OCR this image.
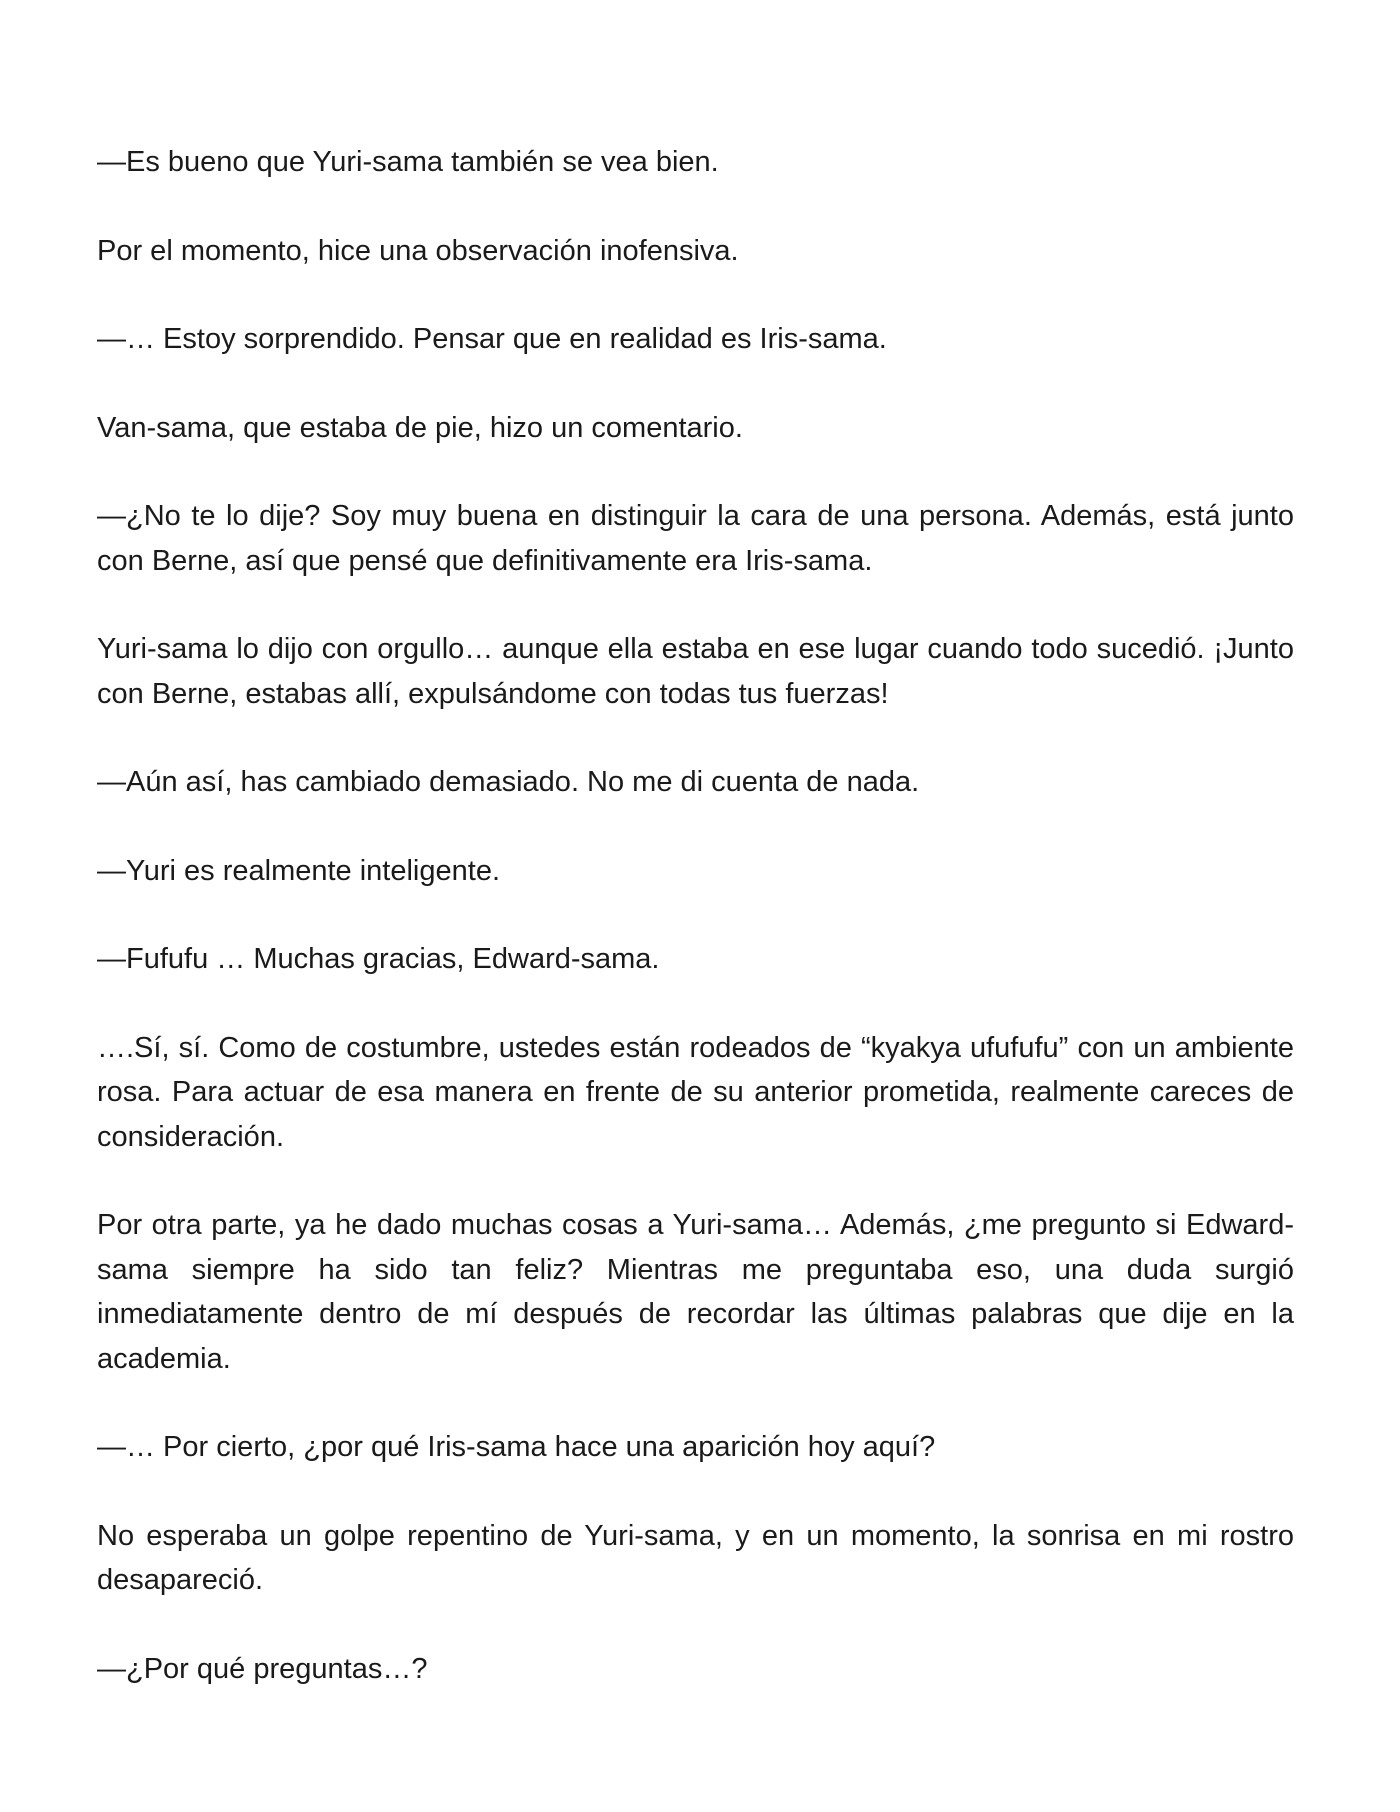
—Es bueno que Yuri-sama también se vea bien.

Por el momento, hice una observación inofensiva.

—… Estoy sorprendido. Pensar que en realidad es Iris-sama.

Van-sama, que estaba de pie, hizo un comentario.

—¿No te lo dije? Soy muy buena en distinguir la cara de una persona. Además, está junto con Berne, así que pensé que definitivamente era Iris-sama.

Yuri-sama lo dijo con orgullo… aunque ella estaba en ese lugar cuando todo sucedió. ¡Junto con Berne, estabas allí, expulsándome con todas tus fuerzas!

—Aún así, has cambiado demasiado. No me di cuenta de nada.

—Yuri es realmente inteligente.

—Fufufu … Muchas gracias, Edward-sama.

….Sí, sí. Como de costumbre, ustedes están rodeados de “kyakya ufufufu” con un ambiente rosa. Para actuar de esa manera en frente de su anterior prometida, realmente careces de consideración.

Por otra parte, ya he dado muchas cosas a Yuri-sama… Además, ¿me pregunto si Edward-sama siempre ha sido tan feliz? Mientras me preguntaba eso, una duda surgió inmediatamente dentro de mí después de recordar las últimas palabras que dije en la academia.

—… Por cierto, ¿por qué Iris-sama hace una aparición hoy aquí?

No esperaba un golpe repentino de Yuri-sama, y en un momento, la sonrisa en mi rostro desapareció.

—¿Por qué preguntas…?
